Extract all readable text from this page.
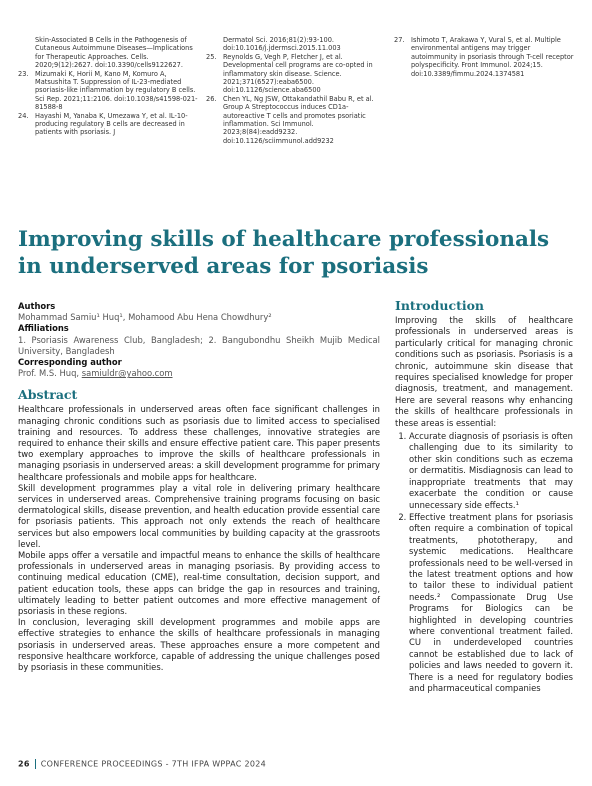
Skin-Associated B Cells in the Pathogenesis of Cutaneous Autoimmune Diseases—Implications for Therapeutic Approaches. Cells. 2020;9(12):2627. doi:10.3390/cells9122627.
23. Mizumaki K, Horii M, Kano M, Komuro A, Matsushita T. Suppression of IL-23-mediated psoriasis-like inflammation by regulatory B cells. Sci Rep. 2021;11:2106. doi:10.1038/s41598-021-81588-8
24. Hayashi M, Yanaba K, Umezawa Y, et al. IL-10-producing regulatory B cells are decreased in patients with psoriasis. J
Dermatol Sci. 2016;81(2):93-100. doi:10.1016/j.jdermsci.2015.11.003
25. Reynolds G, Vegh P, Fletcher J, et al. Developmental cell programs are co-opted in inflammatory skin disease. Science. 2021;371(6527):eaba6500. doi:10.1126/science.aba6500
26. Chen YL, Ng JSW, Ottakandathil Babu R, et al. Group A Streptococcus induces CD1a-autoreactive T cells and promotes psoriatic inflammation. Sci Immunol. 2023;8(84):eadd9232. doi:10.1126/sciimmunol.add9232
27. Ishimoto T, Arakawa Y, Vural S, et al. Multiple environmental antigens may trigger autoimmunity in psoriasis through T-cell receptor polyspecificity. Front Immunol. 2024;15. doi:10.3389/fimmu.2024.1374581
Improving skills of healthcare professionals in underserved areas for psoriasis
Authors
Mohammad Samiu¹ Huq¹, Mohamood Abu Hena Chowdhury²
Affiliations
1. Psoriasis Awareness Club, Bangladesh; 2. Bangubondhu Sheikh Mujib Medical University, Bangladesh
Corresponding author
Prof. M.S. Huq, samiuldr@yahoo.com
Abstract

Healthcare professionals in underserved areas often face significant challenges in managing chronic conditions such as psoriasis due to limited access to specialised training and resources. To address these challenges, innovative strategies are required to enhance their skills and ensure effective patient care. This paper presents two exemplary approaches to improve the skills of healthcare professionals in managing psoriasis in underserved areas: a skill development programme for primary healthcare professionals and mobile apps for healthcare.

Skill development programmes play a vital role in delivering primary healthcare services in underserved areas. Comprehensive training programs focusing on basic dermatological skills, disease prevention, and health education provide essential care for psoriasis patients. This approach not only extends the reach of healthcare services but also empowers local communities by building capacity at the grassroots level.

Mobile apps offer a versatile and impactful means to enhance the skills of healthcare professionals in underserved areas in managing psoriasis. By providing access to continuing medical education (CME), real-time consultation, decision support, and patient education tools, these apps can bridge the gap in resources and training, ultimately leading to better patient outcomes and more effective management of psoriasis in these regions.

In conclusion, leveraging skill development programmes and mobile apps are effective strategies to enhance the skills of healthcare professionals in managing psoriasis in underserved areas. These approaches ensure a more competent and responsive healthcare workforce, capable of addressing the unique challenges posed by psoriasis in these communities.

Introduction

Improving the skills of healthcare professionals in underserved areas is particularly critical for managing chronic conditions such as psoriasis. Psoriasis is a chronic, autoimmune skin disease that requires specialised knowledge for proper diagnosis, treatment, and management. Here are several reasons why enhancing the skills of healthcare professionals in these areas is essential:

1. Accurate diagnosis of psoriasis is often challenging due to its similarity to other skin conditions such as eczema or dermatitis. Misdiagnosis can lead to inappropriate treatments that may exacerbate the condition or cause unnecessary side effects.¹
2. Effective treatment plans for psoriasis often require a combination of topical treatments, phototherapy, and systemic medications. Healthcare professionals need to be well-versed in the latest treatment options and how to tailor these to individual patient needs.² Compassionate Drug Use Programs for Biologics can be highlighted in developing countries where conventional treatment failed. CU in underdeveloped countries cannot be established due to lack of policies and laws needed to govern it. There is a need for regulatory bodies and pharmaceutical companies
26 CONFERENCE PROCEEDINGS - 7TH IFPA WPPAC 2024
